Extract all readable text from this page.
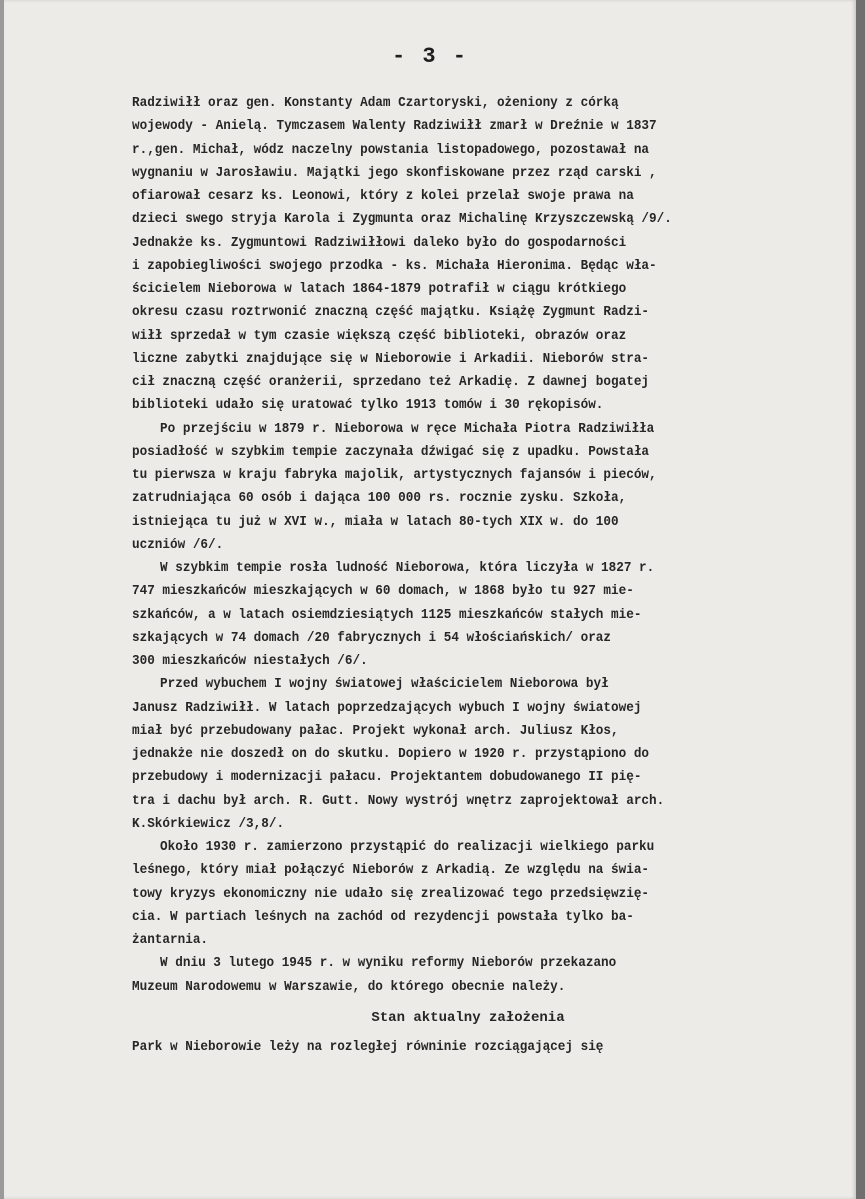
- 3 -
Radziwiłł oraz gen. Konstanty Adam Czartoryski, ożeniony z córką
wojewody - Anielą. Tymczasem Walenty Radziwiłł zmarł w Dreźnie w 1837
r.,gen. Michał, wódz naczelny powstania listopadowego, pozostawał na
wygnaniu w Jarosławiu. Majątki jego skonfiskowane przez rząd carski ,
ofiarował cesarz ks. Leonowi, który z kolei przelał swoje prawa na
dzieci swego stryja Karola i Zygmunta oraz Michalinę Krzyszczewską /9/.
Jednakże ks. Zygmuntowi Radziwiłłowi daleko było do gospodarności
i zapobiegliwości swojego przodka - ks. Michała Hieronima. Będąc wła-
ścicielem Nieborowa w latach 1864-1879 potrafił w ciągu krótkiego
okresu czasu roztrwonić znaczną część majątku. Książę Zygmunt Radzi-
wiłł sprzedał w tym czasie większą część biblioteki, obrazów oraz
liczne zabytki znajdujące się w Nieborowie i Arkadii. Nieborów stra-
cił znaczną część oranżerii, sprzedano też Arkadię. Z dawnej bogatej
biblioteki udało się uratować tylko 1913 tomów i 30 rękopisów.
Po przejściu w 1879 r. Nieborowa w ręce Michała Piotra Radziwiłła
posiadłość w szybkim tempie zaczynała dźwigać się z upadku. Powstała
tu pierwsza w kraju fabryka majolik, artystycznych fajansów i pieców,
zatrudniająca 60 osób i dająca 100 000 rs. rocznie zysku. Szkoła,
istniejąca tu już w XVI w., miała w latach 80-tych XIX w. do 100
uczniów /6/.
W szybkim tempie rosła ludność Nieborowa, która liczyła w 1827 r.
747 mieszkańców mieszkających w 60 domach, w 1868 było tu 927 mie-
szkańców, a w latach osiemdziesiątych 1125 mieszkańców stałych mie-
szkających w 74 domach /20 fabrycznych i 54 włościańskich/ oraz
300 mieszkańców niestałych /6/.
Przed wybuchem I wojny światowej właścicielem Nieborowa był
Janusz Radziwiłł. W latach poprzedzających wybuch I wojny światowej
miał być przebudowany pałac. Projekt wykonał arch. Juliusz Kłos,
jednakże nie doszedł on do skutku. Dopiero w 1920 r. przystąpiono do
przebudowy i modernizacji pałacu. Projektantem dobudowanego II pię-
tra i dachu był arch. R. Gutt. Nowy wystrój wnętrz zaprojektował arch.
K.Skórkiewicz /3,8/.
Około 1930 r. zamierzono przystąpić do realizacji wielkiego parku
leśnego, który miał połączyć Nieborów z Arkadią. Ze względu na świa-
towy kryzys ekonomiczny nie udało się zrealizować tego przedsięwzię-
cia. W partiach leśnych na zachód od rezydencji powstała tylko ba-
żantarnia.
W dniu 3 lutego 1945 r. w wyniku reformy Nieborów przekazano
Muzeum Narodowemu w Warszawie, do którego obecnie należy.
Stan aktualny założenia
Park w Nieborowie leży na rozległej równinie rozciągającej się
